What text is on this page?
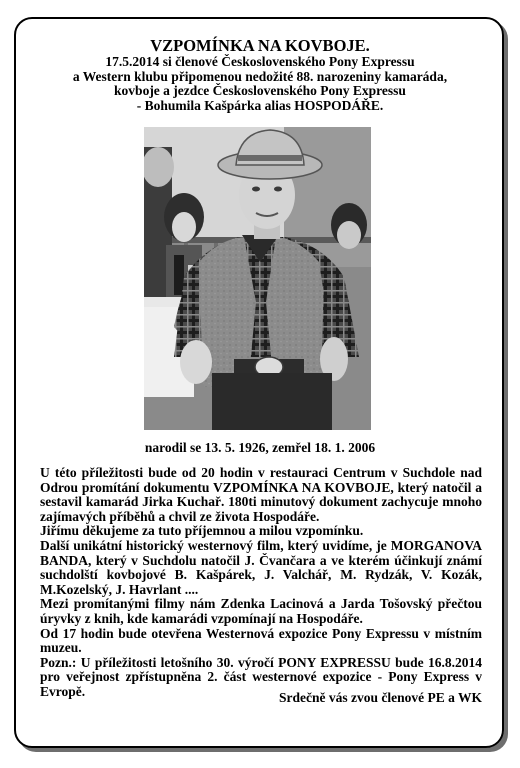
VZPOMÍNKA NA KOVBOJE.
17.5.2014 si členové Československého Pony Expressu
a Western klubu připomenou nedožité 88. narozeniny kamaráda,
kovboje a jezdce Československého Pony Expressu
- Bohumila Kašpárka alias HOSPODÁŘE.
narodil se 13. 5. 1926, zemřel 18. 1. 2006

U této příležitosti bude od 20 hodin v restauraci Centrum v Suchdole nad Odrou promítání dokumentu VZPOMÍNKA NA KOVBOJE, který natočil a sestavil kamarád Jirka Kuchař. 180ti minutový dokument zachycuje mnoho zajímavých příběhů a chvil ze života Hospodáře.

Jiřímu děkujeme za tuto příjemnou a milou vzpomínku.

Další unikátní historický westernový film, který uvidíme, je MORGANOVA BANDA, který v Suchdolu natočil J. Čvančara a ve kterém účinkují známí suchdolští kovbojové B. Kašpárek, J. Valchář, M. Rydzák, V. Kozák, M.Kozelský, J. Havrlant ....

Mezi promítanými filmy nám Zdenka Lacinová a Jarda Tošovský přečtou úryvky z knih, kde kamarádi vzpomínají na Hospodáře.

Od 17 hodin bude otevřena Westernová expozice Pony Expressu v místním muzeu.

Pozn.: U příležitosti letošního 30. výročí PONY EXPRESSU bude 16.8.2014 pro veřejnost zpřístupněna 2. část westernové expozice - Pony Express v Evropě.	Srdečně vás zvou členové PE a WK
